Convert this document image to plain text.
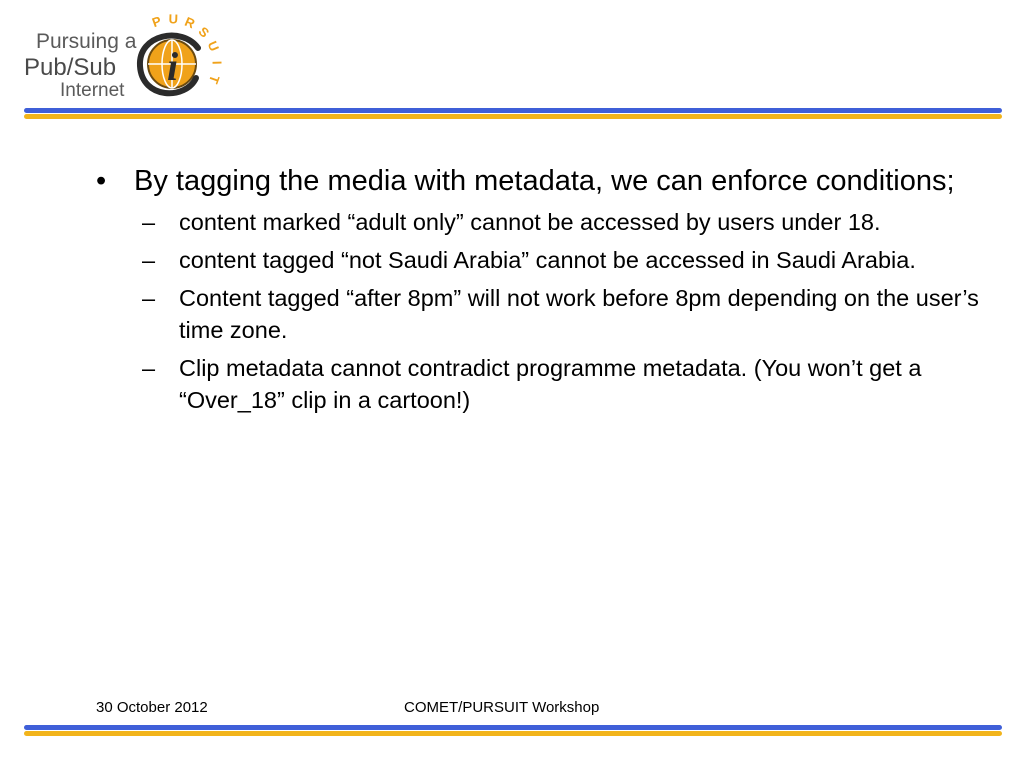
Pursuing a
Pub/Sub
Internet
i
P U R
S
U
I
T
• By tagging the media with metadata, we can enforce conditions;
– content marked “adult only” cannot be accessed by users under 18.
– content tagged “not Saudi Arabia” cannot be accessed in Saudi Arabia.
– Content tagged “after 8pm” will not work before 8pm depending on the user’s time zone.
– Clip metadata cannot contradict programme metadata. (You won’t get a “Over_18” clip in a cartoon!)
30 October 2012	COMET/PURSUIT Workshop
